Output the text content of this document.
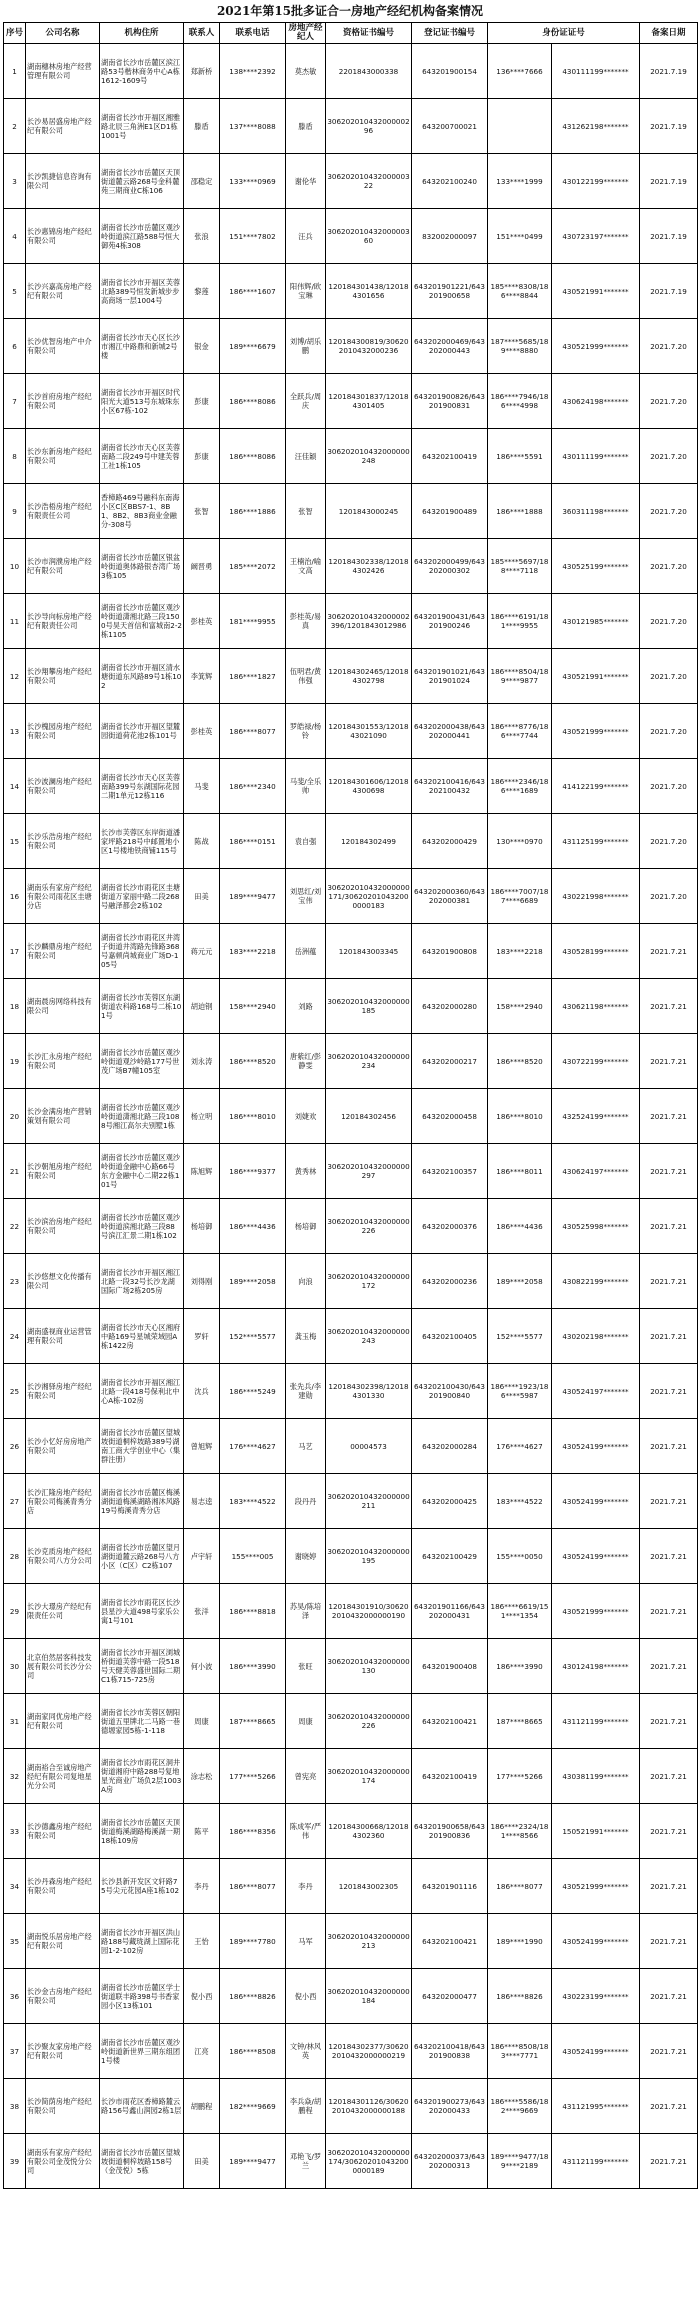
2021年第15批多证合一房地产经纪机构备案情况
序号	公司名称	机构住所	联系人	联系电话	房地产经纪人	资格证书编号	登记证书编号	身份证证号		备案日期
1	湖南穗林房地产经营管理有限公司	湖南省长沙市岳麓区滨江路53号楷林商务中心A栋1612-1609号	郑新桥	138****2392	莫杰敏	2201843000338	643201900154	136****7666	430111199*******	2021.7.19
2	长沙易居盛房地产经纪有限公司	湖南省长沙市开福区湘雅路北辰三角洲E1区D1栋1001号	滕盾	137****8088	滕盾	30620201043200000296	643200700021		431262198*******	2021.7.19
3	长沙凯捷信息咨询有限公司	湖南省长沙市岳麓区天顶街道麓云路268号金科麓苑三期商业C栋106	邵稳定	133****0969	谢伦华	30620201043200000322	643202100240	133****1999	430122199*******	2021.7.19
4	长沙惠锦房地产经纪有限公司	湖南省长沙市岳麓区观沙岭街道滨江路588号恒大御苑4栋308	张浪	151****7802	汪兵	30620201043200000360	832002000097	151****0499	430723197*******	2021.7.19
5	长沙兴嘉高房地产经纪有限公司	湖南省长沙市开福区芙蓉北路389号恒发新城步步高商场一层1004号	黎莲	186****1607	阳伟辉/欧宝琳	120184301438/120184301656	643201901221/643201900658	185****8308/186****8844	430521991*******	2021.7.19
6	长沙优智房地产中介有限公司	湖南省长沙市天心区长沙市湘江中路鼎和新城2号楼	银金	189****6679	刘博/胡乐鹏	120184300819/306202010432000236	643202000469/643202000443	187****5685/189****8880	430521999*******	2021.7.20
7	长沙首府房地产经纪有限公司	湖南省长沙市开福区时代阳光大道513号东城珠东小区67栋-102	彭康	186****8086	全跃兵/周庆	120184301837/120184301405	643201900826/643201900831	186****7946/186****4998	430624198*******	2021.7.20
8	长沙东新房地产经纪有限公司	湖南省长沙市天心区芙蓉南路二段249号中建芙蓉工社1栋105	彭康	186****8086	汪佳颖	306202010432000000248	643202100419	186****5591	430111199*******	2021.7.20
9	长沙浩梧房地产经纪有限责任公司	香樟路469号融科东南海小区C区BBS7-1、8B1、8B2、8B3商业金融分-308号	张智	186****1886	张智	1201843000245	643201900489	186****1888	360311198*******	2021.7.20
10	长沙市润濮房地产经纪有限公司	湖南省长沙市岳麓区银盆岭街道奥体路银杏湾广场3栋105	阚晋勇	185****2072	王楠治/喻文高	120184302338/120184302426	643202000499/643202000302	185****5697/188****7118	430525199*******	2021.7.20
11	长沙导向标房地产经纪有限责任公司	湖南省长沙市岳麓区观沙岭街道潇湘北路三段1500号昊天首信和富城南2-2栋1105	彭桂英	181****9955	彭桂英/易真	306202010432000002396/1201843012986	643201900431/643201900246	186****6191/181****9955	430121985*******	2021.7.20
12	长沙翔攀房地产经纪有限公司	湖南省长沙市开福区清水塘街道东风路89号1栋102	李箕辉	186****1827	伍明君/黄伟强	120184302465/120184302798	643201901021/643201901024	186****8504/189****9877	430521991*******	2021.7.20
13	长沙槐园房地产经纪有限公司	湖南省长沙市开福区望麓园街道荷花池2栋101号	彭桂英	186****8077	罗皓禄/杨铃	120184301553/1201843021090	643202000438/643202000441	186****8776/186****7744	430521999*******	2021.7.20
14	长沙波澜房地产经纪有限公司	湖南省长沙市天心区芙蓉南路399号东湖国际花园二期1单元12栋116	马斐	186****2340	马斐/全乐帅	120184301606/120184300698	643202100416/643202100432	186****2346/186****1689	414122199*******	2021.7.20
15	长沙乐浩房地产经纪有限公司	长沙市芙蓉区东岸街道潘家坪路218号中邮置地小区1号楼地铁商铺115号	陈战	186****0151	袁自强	120184302499	643202000429	130****0970	431125199*******	2021.7.20
16	湖南乐有家房产经纪有限公司雨花区圭塘分店	湖南省长沙市雨花区圭塘街道万家丽中路二段268号融泽都会2栋102	田美	189****9477	刘思红/刘宝伟	306202010432000000171/306202010432000000183	643202000360/643202000381	186****7007/187****6689	430221998*******	2021.7.20
17	长沙麟鼎房地产经纪有限公司	湖南省长沙市雨花区井湾子街道井湾路先锋路368号嘉顿尚城商业广场D-105号	蒋元元	183****2218	岳洲蕴	1201843003345	643201900808	183****2218	430528199*******	2021.7.21
18	湖南晨房网络科技有限公司	湖南省长沙市芙蓉区东湖街道农科路168号二栋101号	胡迫钢	158****2940	刘路	306202010432000000185	643202000280	158****2940	430621198*******	2021.7.21
19	长沙汇永房地产经纪有限公司	湖南省长沙市岳麓区观沙岭街道观沙岭路177号世茂广场B7幢105室	刘永涛	186****8520	唐紫红/彭静雯	306202010432000000234	643202000217	186****8520	430722199*******	2021.7.21
20	长沙金满房地产营销策划有限公司	湖南省长沙市岳麓区观沙岭街道潇湘北路三段1088号湘江高尔夫别墅1栋	杨立明	186****8010	刘婕欢	120184302456	643202000458	186****8010	432524199*******	2021.7.21
21	长沙朝旭房地产经纪有限公司	湖南省长沙市岳麓区观沙岭街道金融中心路66号东方金融中心二期22栋101号	陈旭辉	186****9377	黄秀林	306202010432000000297	643202100357	186****8011	430624197*******	2021.7.21
22	长沙滨治房地产经纪有限公司	湖南省长沙市岳麓区观沙岭街道滨湘北路三段88号滨江汇景二期1栋102	杨培御	186****4436	杨培御	306202010432000000226	643202000376	186****4436	430525998*******	2021.7.21
23	长沙悠想文化传播有限公司	湖南省长沙市开福区湘江北路一段32号长沙龙湖国际广场2栋205房	刘得刚	189****2058	向浪	306202010432000000172	643202000236	189****2058	430822199*******	2021.7.21
24	湖南盛视商业运营管理有限公司	湖南省长沙市天心区湘府中路169号星城荣域园A栋1422房	罗轩	152****5577	龚玉梅	306202010432000000243	643202100405	152****5577	430202198*******	2021.7.21
25	长沙湘驿房地产经纪有限公司	湖南省长沙市开福区湘江北路一段418号保利北中心A栋-102房	沈兵	186****5249	张先兵/李建勋	120184302398/120184301330	643202100430/643201900840	186****1923/186****5987	430524197*******	2021.7.21
26	长沙小忆好房房地产有限公司	湖南省长沙市岳麓区望城坡街道桐梓坡路389号湖南工商大学创业中心（集群注册）	曾旭辉	176****4627	马艺	00004573	643202000284	176****4627	430524199*******	2021.7.21
27	长沙汇隆房地产经纪有限公司梅溪青秀分店	湖南省长沙市岳麓区梅溪湖街道梅溪湖路湘沐风路19号梅溪青秀分店	易志逵	183****4522	段丹丹	306202010432000000211	643202000425	183****4522	430524199*******	2021.7.21
28	长沙克质房地产经纪有限公司八方分公司	湖南省长沙市岳麓区望月湖街道麓云路268号八方小区（C区）C2栋107	卢宇轩	155****005	谢晓婷	306202010432000000195	643202100429	155****0050	430524199*******	2021.7.21
29	长沙大璟房产经纪有限责任公司	湖南省长沙市雨花区长沙县星沙大道498号家乐公寓1号101	张洋	186****8818	苏昊/陈培泽	120184301910/306202010432000000190	643201901166/643202000431	186****6619/151****1354	430521999*******	2021.7.21
30	北京伯然居客科技发展有限公司长沙分公司	湖南省长沙市开福区浏城桥街道芙蓉中路一段518号天健芙蓉盛世国际二期C1栋715-725房	何小波	186****3990	张旺	306202010432000000130	643201900408	186****3990	430124198*******	2021.7.21
31	湖南家同优房地产经纪有限公司	湖南省长沙市芙蓉区朝阳街道五里牌北二马路一巷德塬家园5栋-1-118	周康	187****8665	周康	306202010432000000226	643202100421	187****8665	431121199*******	2021.7.21
32	湖南裕合至诚房地产经纪有限公司复地星光分公司	湖南省长沙市雨花区洞井街道湘府中路288号复地星光商业广场负2层1003A房	涂志松	177****5266	曾宪亮	306202010432000000174	643202100419	177****5266	430381199*******	2021.7.21
33	长沙德鑫房地产经纪有限公司	湖南省长沙市岳麓区天顶街道梅溪湖路梅溪湖一期18栋109房	陈平	186****8356	陈成军/严伟	120184300668/120184302360	643201900658/643201900836	186****2324/181****8566	150521991*******	2021.7.21
34	长沙丹森房地产经纪有限公司	长沙县新开发区文轩路75号尖元花园A座1栋102	李丹	186****8077	李丹	1201843002305	643201901116	186****8077	430521999*******	2021.7.21
35	湖南悦乐居房地产经纪有限公司	湖南省长沙市开福区洪山路188号藏珑湖上国际花园1-2-102房	王怡	189****7780	马军	306202010432000000213	643202100421	189****1990	430524199*******	2021.7.21
36	长沙金古房地产经纪有限公司	湖南省长沙市岳麓区学士街道联丰路398号书香家园小区13栋101	倪小西	186****8826	倪小西	306202010432000000184	643202000477	186****8826	430223199*******	2021.7.21
37	长沙聚友家房地产经纪有限公司	湖南省长沙市岳麓区观沙岭街道新世界三期东组团1号楼	江亮	186****8508	文钟/林风英	120184302377/306202010432000000219	643202100418/643201900838	186****8508/183****7771	430524199*******	2021.7.21
38	长沙简荫房地产经纪有限公司	长沙市雨花区香樟路麓云路156号鑫山润园2栋1层	胡鹏程	182****9669	李兵焱/胡鹏程	120184301126/306202010432000000188	643201900273/643202000433	186****5586/182****9669	431121995*******	2021.7.21
39	湖南乐有家房产经纪有限公司金茂悦分公司	湖南省长沙市岳麓区望城坡街道桐梓坡路158号（金茂悦）5栋	田美	189****9477	邓艳飞/罗兰	306202010432000000174/306202010432000000189	643202000373/643202000313	189****9477/189****2189	431121199*******	2021.7.21
